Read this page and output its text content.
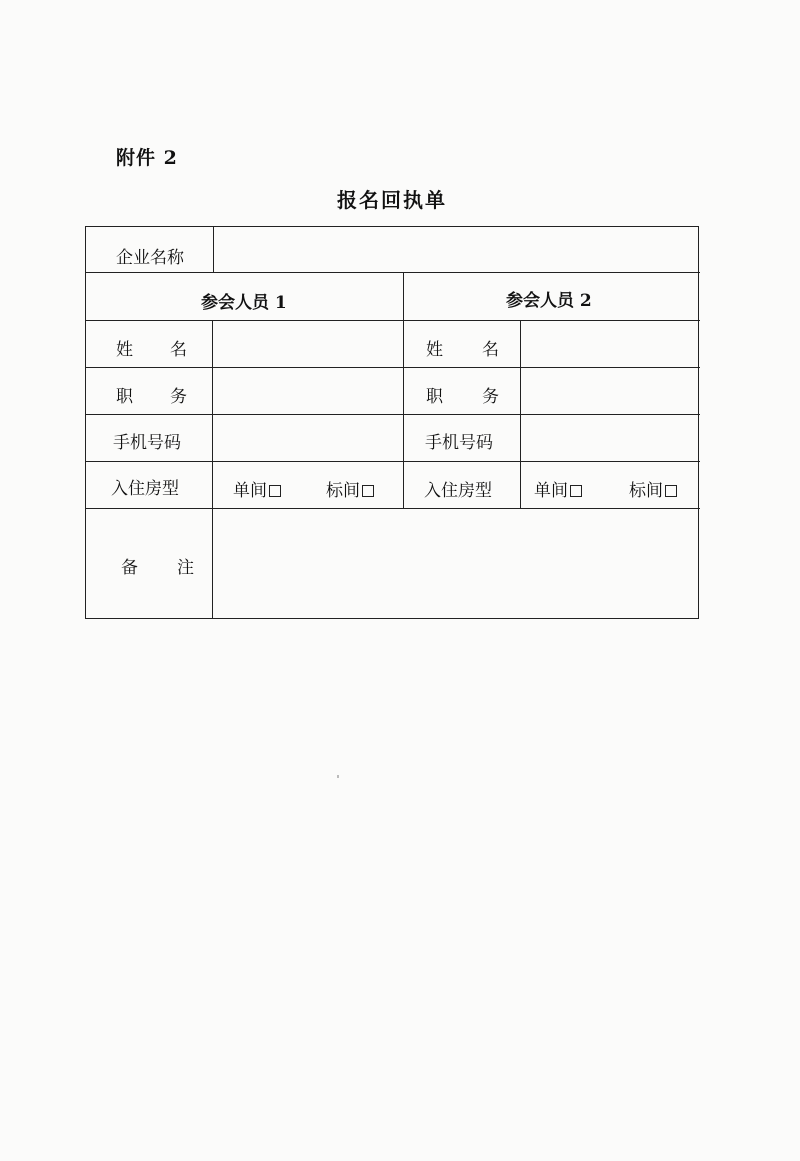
附件 2
报名回执单
企业名称
参会人员 1	参会人员 2
姓 名	姓 名
职 务	职 务
手机号码	手机号码
入住房型	单间	标间	入住房型 单间	标间
备 注
